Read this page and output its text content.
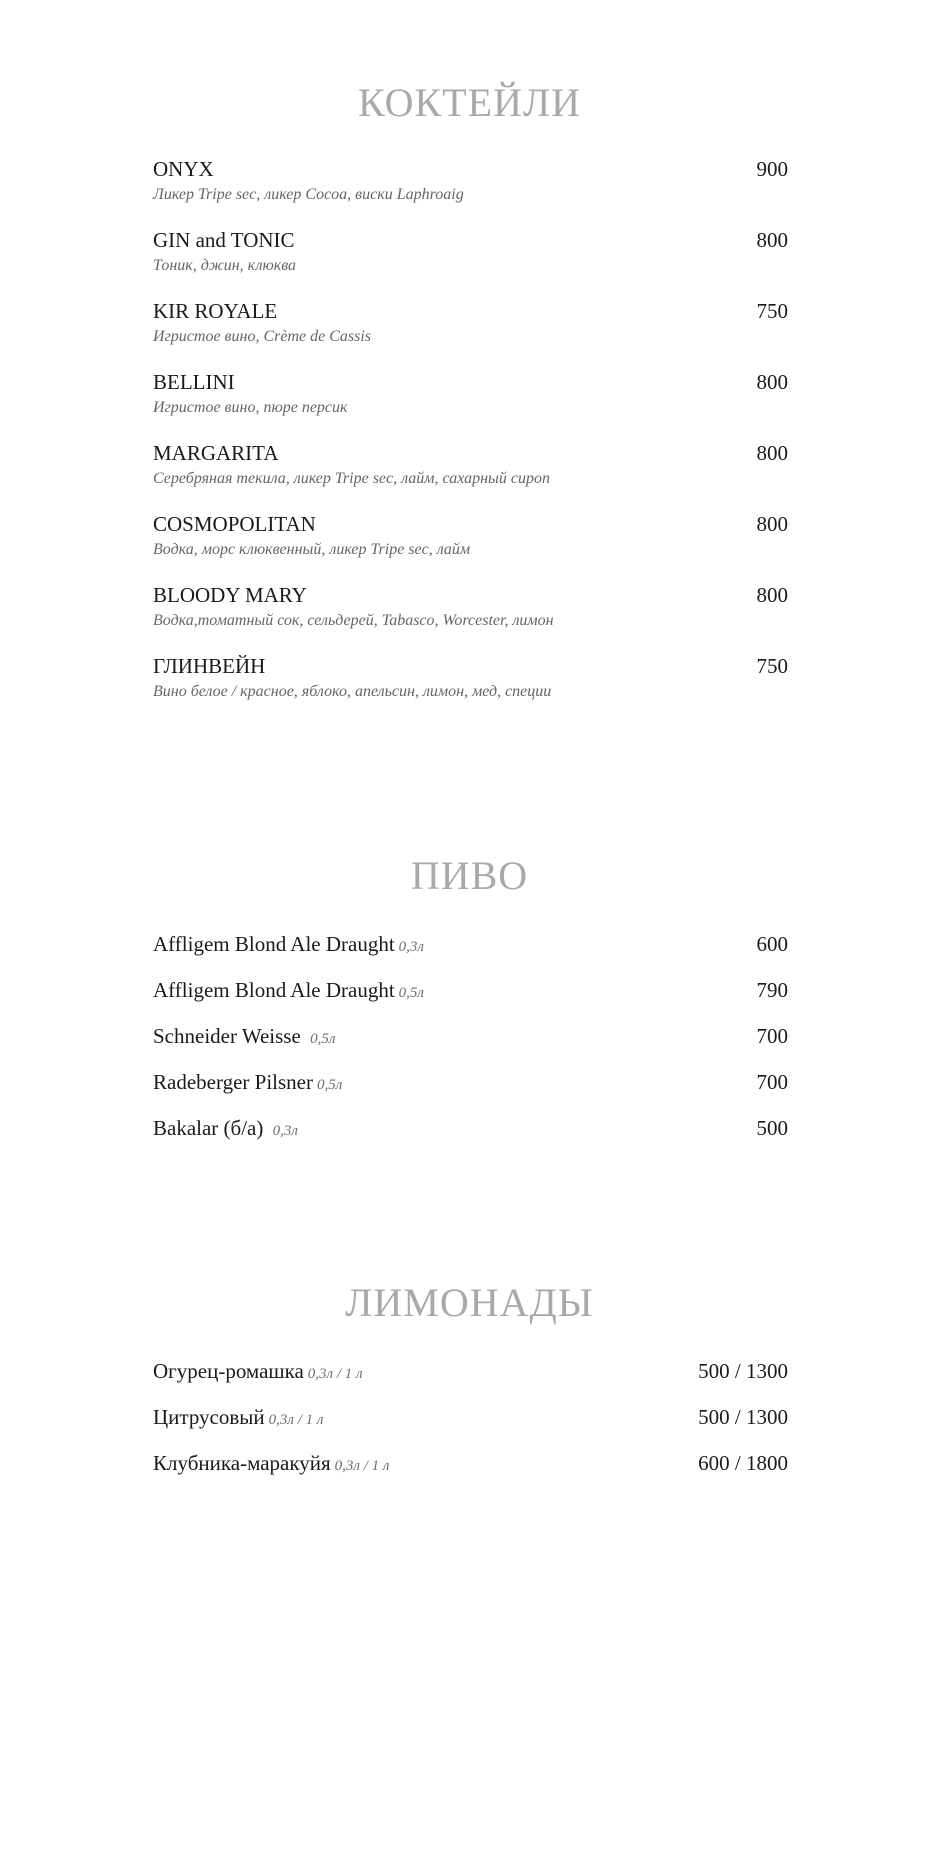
КОКТЕЙЛИ
ONYX	900
Ликер Tripe sec, ликер Cocoa, виски Laphroaig
GIN and TONIC	800
Тоник, джин, клюква
KIR ROYALE	750
Игристое вино, Crème de Cassis
BELLINI	800
Игристое вино, пюре персик
MARGARITA	800
Серебряная текила, ликер Tripe sec, лайм, сахарный сироп
COSMOPOLITAN	800
Водка, морс клюквенный, ликер Tripe sec, лайм
BLOODY MARY	800
Водка,томатный сок, сельдерей, Tabasco, Worcester, лимон
ГЛИНВЕЙН	750
Вино белое / красное, яблоко, апельсин, лимон, мед, специи
ПИВО
Affligem Blond Ale Draught 0,3л	600
Affligem Blond Ale Draught 0,5л	790
Schneider Weisse 0,5л	700
Radeberger Pilsner 0,5л	700
Bakalar (б/а) 0,3л	500
ЛИМОНАДЫ
Огурец-ромашка 0,3л / 1 л	500 / 1300
Цитрусовый 0,3л / 1 л	500 / 1300
Клубника-маракуйя 0,3л / 1 л	600 / 1800
